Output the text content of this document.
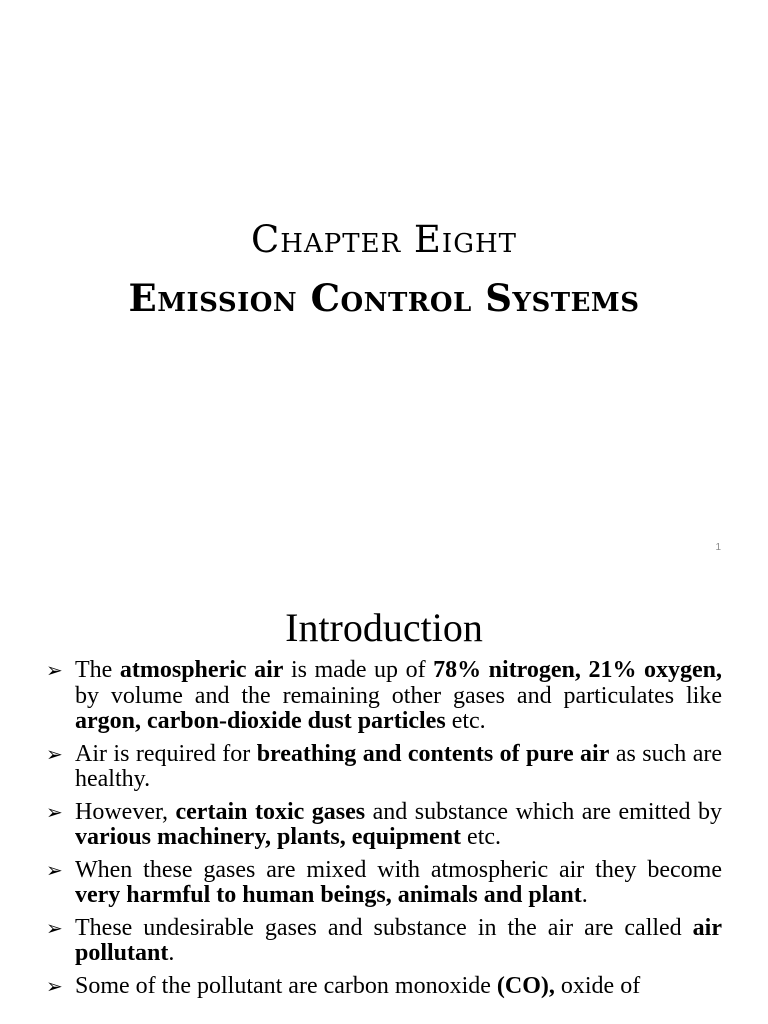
Chapter Eight
Emission Control Systems
1
Introduction
➢ The atmospheric air is made up of 78% nitrogen, 21% oxygen, by volume and the remaining other gases and particulates like argon, carbon-dioxide dust particles etc.
➢ Air is required for breathing and contents of pure air as such are healthy.
➢ However, certain toxic gases and substance which are emitted by various machinery, plants, equipment etc.
➢ When these gases are mixed with atmospheric air they become very harmful to human beings, animals and plant.
➢ These undesirable gases and substance in the air are called air pollutant.
➢ Some of the pollutant are carbon monoxide (CO), oxide of
